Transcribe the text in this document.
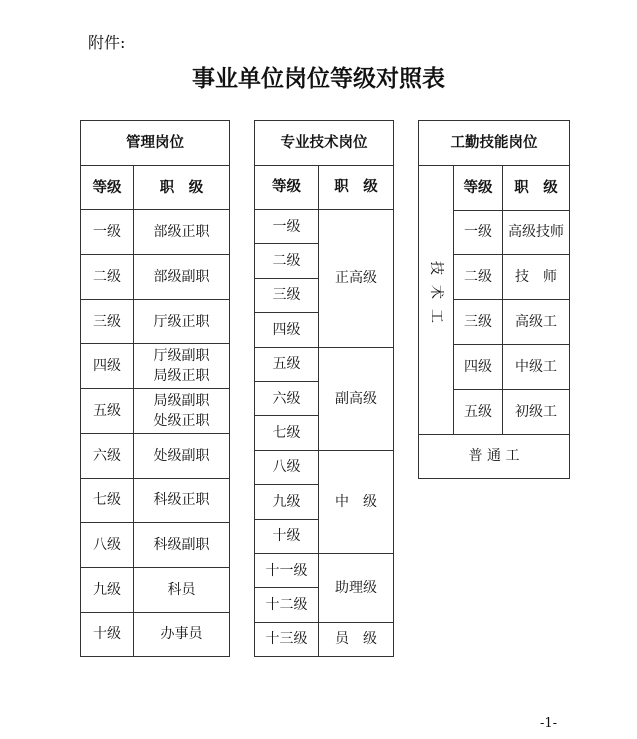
附件:
事业单位岗位等级对照表
管理岗位	
等级	职　级
一级	部级正职
二级	部级副职
三级	厅级正职
四级	厅级副职
局级正职

五级	局级副职
处级正职

六级	处级副职
七级	科级正职
八级	科级副职
九级	科员
十级	办事员
专业技术岗位	
等级	职　级
一级	正高级
二级	
三级	
四级	
五级	副高级
六级	
七级	
八级	中　级
九级	
十级	
十一级	助理级
十二级	
十三级	员　级
工勤技能岗位		
技术工	等级	职　级
	一级	高级技师
	二级	技　师
	三级	高级工
	四级	中级工
	五级	初级工
普 通 工		
-1-
